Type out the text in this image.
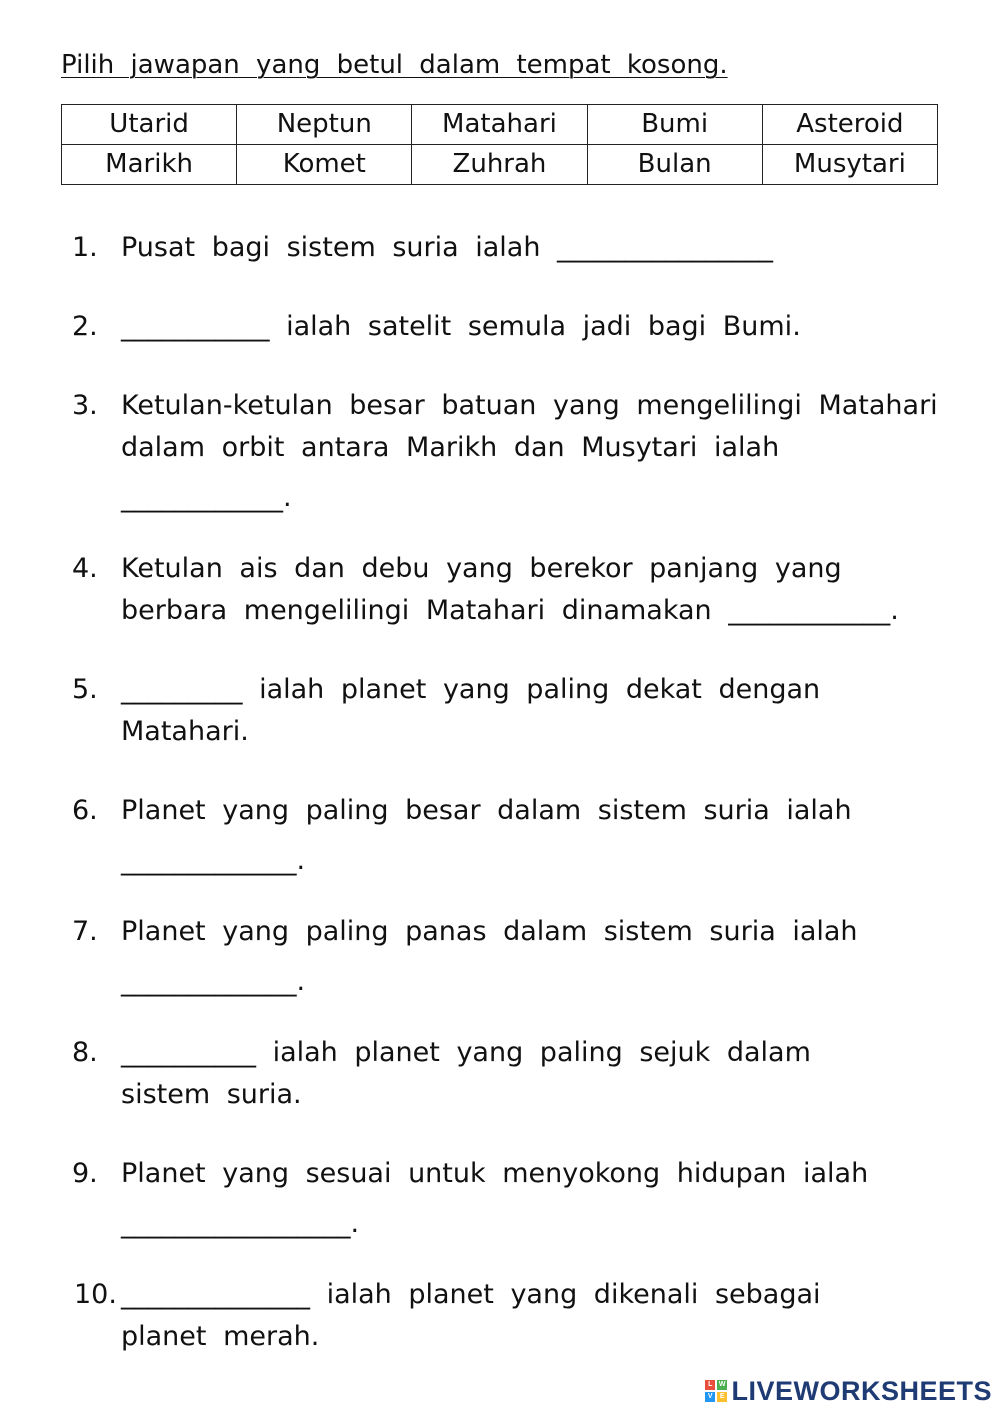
Pilih jawapan yang betul dalam tempat kosong.
Utarid	Neptun	Matahari	Bumi	Asteroid
Marikh	Komet	Zuhrah	Bulan	Musytari
1. Pusat bagi sistem suria ialah ________________
2. ___________ ialah satelit semula jadi bagi Bumi.
3. Ketulan-ketulan besar batuan yang mengelilingi Matahari
dalam orbit antara Marikh dan Musytari ialah
____________.
4. Ketulan ais dan debu yang berekor panjang yang
berbara mengelilingi Matahari dinamakan ____________.
5. _________ ialah planet yang paling dekat dengan
Matahari.
6. Planet yang paling besar dalam sistem suria ialah
_____________.
7. Planet yang paling panas dalam sistem suria ialah
_____________.
8. __________ ialah planet yang paling sejuk dalam
sistem suria.
9. Planet yang sesuai untuk menyokong hidupan ialah
_________________.
10. ______________ ialah planet yang dikenali sebagai
planet merah.
L W
V E LIVEWORKSHEETS
